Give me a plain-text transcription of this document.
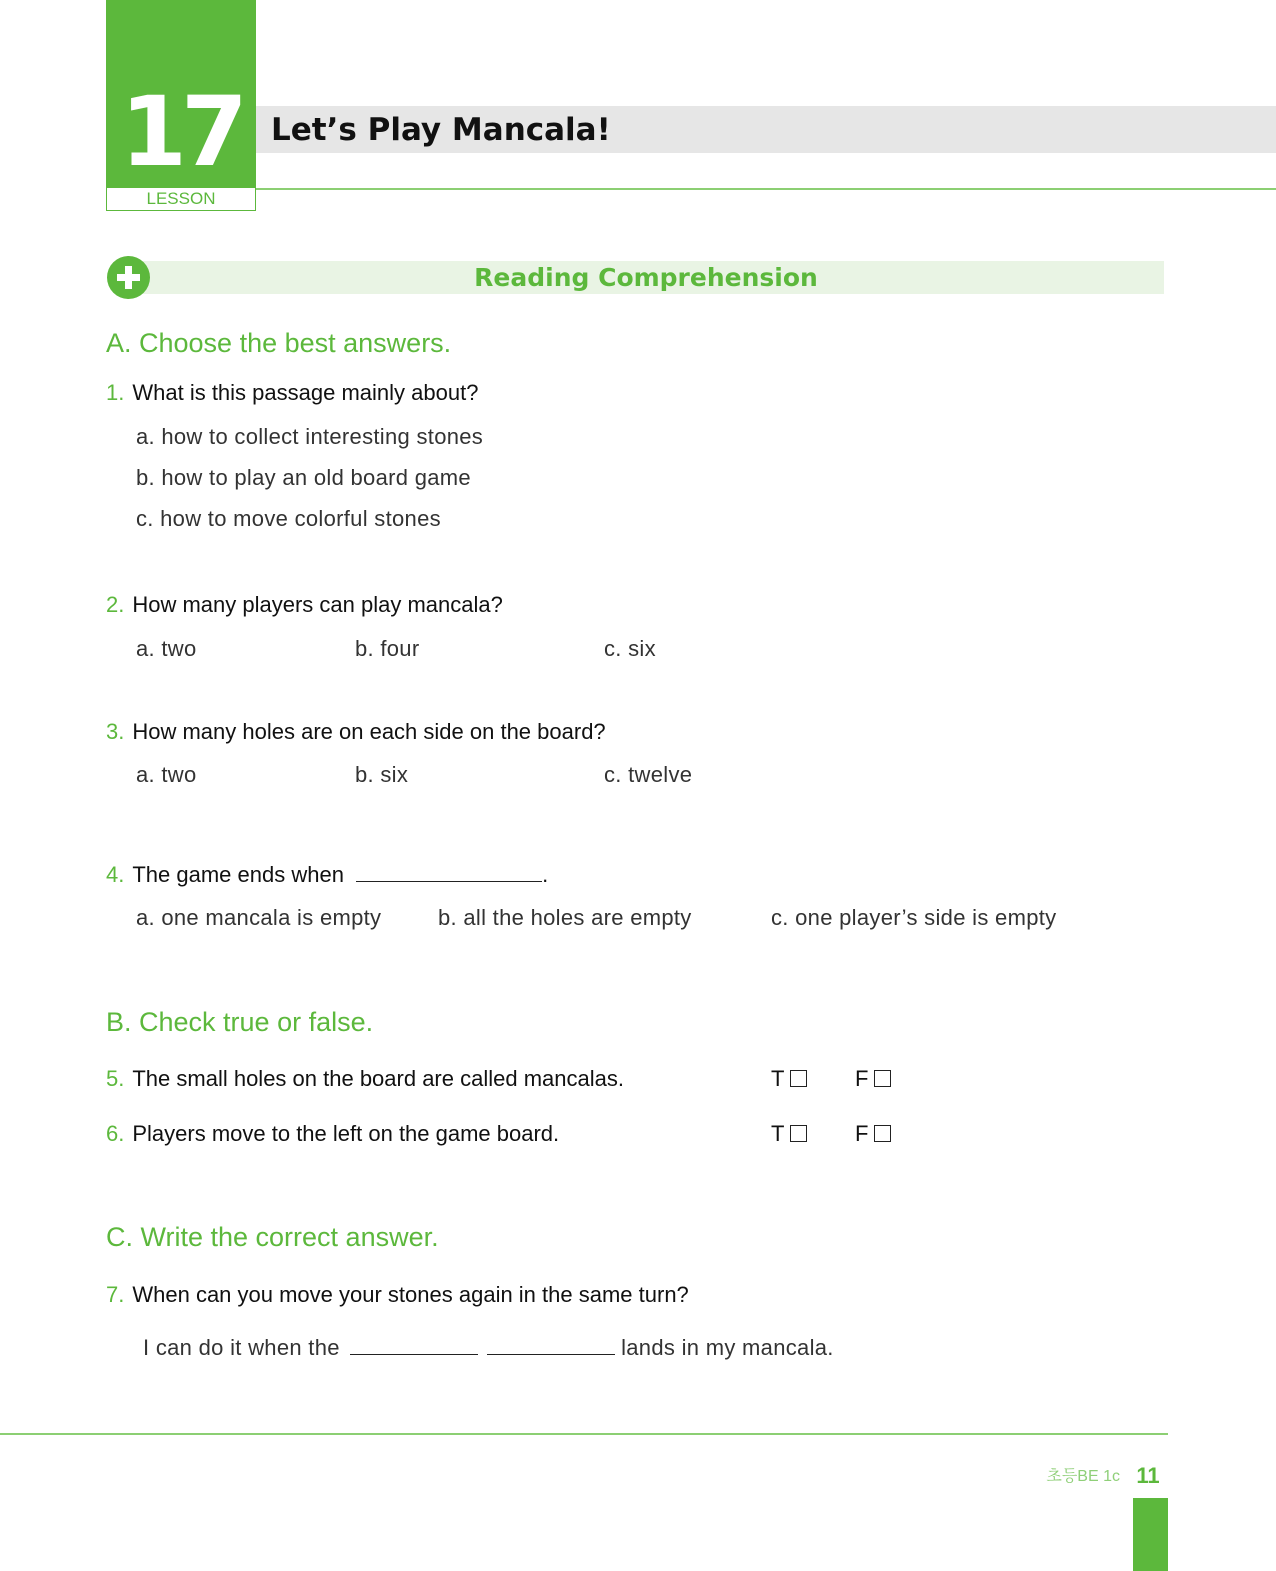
17
LESSON
Let’s Play Mancala!
Reading Comprehension
A. Choose the best answers.
1. What is this passage mainly about?
a. how to collect interesting stones
b. how to play an old board game
c. how to move colorful stones
2. How many players can play mancala?
a. two	b. four	c. six
3. How many holes are on each side on the board?
a. two	b. six	c. twelve
4. The game ends when	.
a. one mancala is empty	b. all the holes are empty	c. one player’s side is empty
B. Check true or false.
5. The small holes on the board are called mancalas.	T	F
6. Players move to the left on the game board.	T	F
C. Write the correct answer.
7. When can you move your stones again in the same turn?
I can do it when the	lands in my mancala.
초등BE 1c 11
